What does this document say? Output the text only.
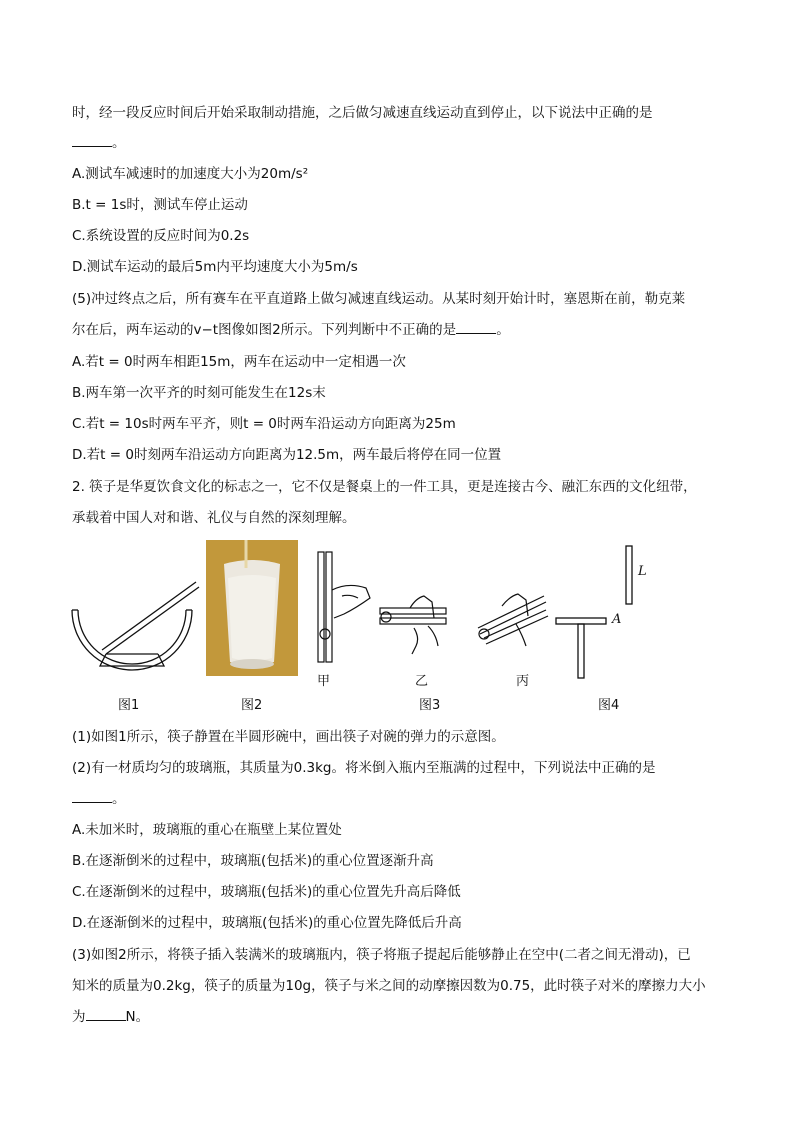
时，经一段反应时间后开始采取制动措施，之后做匀减速直线运动直到停止，以下说法中正确的是
。
A.测试车减速时的加速度大小为20m/s²
B.t = 1s时，测试车停止运动
C.系统设置的反应时间为0.2s
D.测试车运动的最后5m内平均速度大小为5m/s
(5)冲过终点之后，所有赛车在平直道路上做匀减速直线运动。从某时刻开始计时，塞恩斯在前，勒克莱
尔在后，两车运动的v−t图像如图2所示。下列判断中不正确的是	。
A.若t = 0时两车相距15m，两车在运动中一定相遇一次
B.两车第一次平齐的时刻可能发生在12s末
C.若t = 10s时两车平齐，则t = 0时两车沿运动方向距离为25m
D.若t = 0时刻两车沿运动方向距离为12.5m，两车最后将停在同一位置
2. 筷子是华夏饮食文化的标志之一，它不仅是餐桌上的一件工具，更是连接古今、融汇东西的文化纽带，
承载着中国人对和谐、礼仪与自然的深刻理解。
L
A
甲	乙	丙
图1	图2	图3	图4
(1)如图1所示，筷子静置在半圆形碗中，画出筷子对碗的弹力的示意图。
(2)有一材质均匀的玻璃瓶，其质量为0.3kg。将米倒入瓶内至瓶满的过程中，下列说法中正确的是
。
A.未加米时，玻璃瓶的重心在瓶壁上某位置处
B.在逐渐倒米的过程中，玻璃瓶(包括米)的重心位置逐渐升高
C.在逐渐倒米的过程中，玻璃瓶(包括米)的重心位置先升高后降低
D.在逐渐倒米的过程中，玻璃瓶(包括米)的重心位置先降低后升高
(3)如图2所示，将筷子插入装满米的玻璃瓶内，筷子将瓶子提起后能够静止在空中(二者之间无滑动)，已
知米的质量为0.2kg，筷子的质量为10g，筷子与米之间的动摩擦因数为0.75，此时筷子对米的摩擦力大小
为	N。
